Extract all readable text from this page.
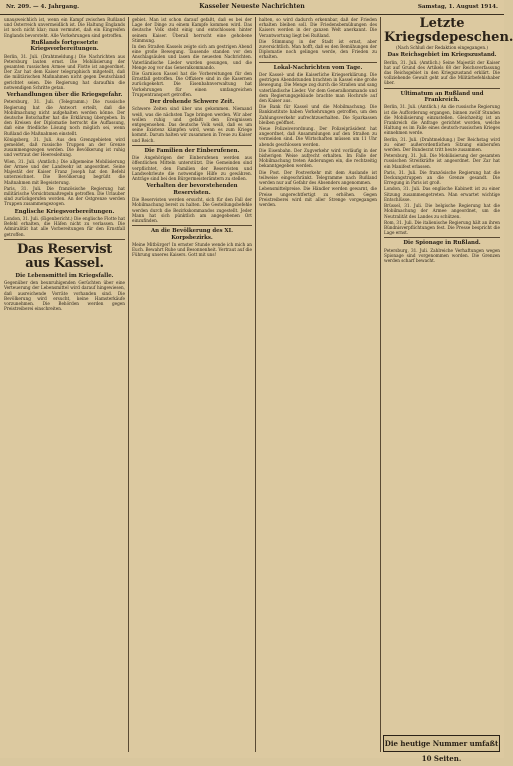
Nr. 209. — 4. Jahrgang.	Kasseler Neueste Nachrichten	Samstag, 1. August 1914.

unausweichlich ist, wenn ein Kampf zwischen Rußland und Österreich unvermeidlich ist. Die Haltung Englands ist noch nicht klar; man vermutet, daß ein Eingreifen Englands bevorsteht. Alle Vorkehrungen sind getroffen.

Rußlands fortgesetzte Kriegsvorbereitungen.

Berlin, 31. Juli. (Drahtmeldung.) Die Nachrichten aus Petersburg lauten ernst. Die Mobilisierung der gesamten russischen Armee und Flotte ist angeordnet. Der Zar hat dem Kaiser telegraphisch mitgeteilt, daß die militärischen Maßnahmen nicht gegen Deutschland gerichtet seien. Die Regierung hat daraufhin die notwendigen Schritte getan.

Verhandlungen über die Kriegsgefahr.

Petersburg, 31. Juli. (Telegramm.) Die russische Regierung hat die Antwort erteilt, daß die Mobilmachung nicht aufgehalten werden könne. Der deutsche Botschafter hat die Erklärung übergeben. In den Kreisen der Diplomatie herrscht die Auffassung, daß eine friedliche Lösung noch möglich sei, wenn Rußland die Maßnahmen einstellt.

Königsberg, 31. Juli. Aus den Grenzgebieten wird gemeldet, daß russische Truppen an der Grenze zusammengezogen werden. Die Bevölkerung ist ruhig und vertraut der Heeresleitung.

Wien, 31. Juli. (Amtlich.) Die allgemeine Mobilisierung der Armee und der Landwehr ist angeordnet. Seine Majestät der Kaiser Franz Joseph hat den Befehl unterzeichnet. Die Bevölkerung begrüßt die Maßnahmen mit Begeisterung.

Paris, 31. Juli. Die französische Regierung hat militärische Vorsichtsmaßregeln getroffen. Die Urlauber sind zurückgerufen worden. An der Ostgrenze werden Truppen zusammengezogen.

Englische Kriegsvorbereitungen.

London, 31. Juli. (Eigenbericht.) Die englische Flotte hat Befehl erhalten, die Häfen nicht zu verlassen. Die Admiralität hat alle Vorbereitungen für den Ernstfall getroffen.

Das Reservist aus Kassel.
Die Lebensmittel im Kriegsfalle.

Gegenüber den beunruhigenden Gerüchten über eine Verteuerung der Lebensmittel wird darauf hingewiesen, daß ausreichende Vorräte vorhanden sind. Die Bevölkerung wird ersucht, keine Hamsterkäufe vorzunehmen. Die Behörden werden gegen Preistreiberei einschreiten.

gebiet. Man ist schon darauf gefaßt, daß es bei der Lage der Dinge zu einem Kampfe kommen wird. Das deutsche Volk steht einig und entschlossen hinter seinem Kaiser. Überall herrscht eine gehobene Stimmung.

In den Straßen Kassels zeigte sich am gestrigen Abend eine große Bewegung. Tausende standen vor den Anschlagsäulen und lasen die neuesten Nachrichten. Vaterländische Lieder wurden gesungen, und die Menge zog vor das Generalkommando.

Die Garnison Kassel hat die Vorbereitungen für den Ernstfall getroffen. Die Offiziere sind in die Kasernen zurückgekehrt. Die Eisenbahnverwaltung hat Vorkehrungen für einen umfangreichen Truppentransport getroffen.

Der drohende Schwere Zeit.

Schwere Zeiten sind über uns gekommen. Niemand weiß, was die nächsten Tage bringen werden. Wir aber wollen ruhig und gefaßt den Ereignissen entgegensehen. Das deutsche Volk weiß, daß es um seine Existenz kämpfen wird, wenn es zum Kriege kommt. Darum halten wir zusammen in Treue zu Kaiser und Reich.

Die Familien der Einberufenen.

Die Angehörigen der Einberufenen werden aus öffentlichen Mitteln unterstützt. Die Gemeinden sind verpflichtet, den Familien der Reservisten und Landwehrleute die notwendige Hilfe zu gewähren. Anträge sind bei den Bürgermeisterämtern zu stellen.

Verhalten der bevorstehenden Reservisten.

Die Reservisten werden ersucht, sich für den Fall der Mobilmachung bereit zu halten. Die Gestellungsbefehle werden durch die Bezirkskommandos zugestellt. Jeder Mann hat sich pünktlich am angegebenen Ort einzufinden.

An die Bevölkerung des XI. Korpsbezirks.

Meine Mitbürger! In ernster Stunde wende ich mich an Euch. Bewahrt Ruhe und Besonnenheit. Vertraut auf die Führung unseres Kaisers. Gott mit uns!

halten, so wird dadurch erkennbar, daß der Frieden erhalten bleiben soll. Die Friedensbemühungen des Kaisers werden in der ganzen Welt anerkannt. Die Verantwortung liegt bei Rußland.

Die Stimmung in der Stadt ist ernst, aber zuversichtlich. Man hofft, daß es den Bemühungen der Diplomatie noch gelingen werde, den Frieden zu erhalten.

Lokal-Nachrichten vom Tage.

Der Kassel- und die Kaiserliche Kriegserklärung. Die gestrigen Abendstunden brachten in Kassel eine große Bewegung. Die Menge zog durch die Straßen und sang vaterländische Lieder. Vor dem Generalkommando und dem Regierungsgebäude brachte man Hochrufe auf den Kaiser aus.

Die Bank für Kassel und die Mobilmachung. Die Bankinstitute haben Vorkehrungen getroffen, um den Zahlungsverkehr aufrechtzuerhalten. Die Sparkassen bleiben geöffnet.

Neue Polizeiverordnung. Der Polizeipräsident hat angeordnet, daß Ansammlungen auf den Straßen zu vermeiden sind. Die Wirtschaften müssen um 11 Uhr abends geschlossen werden.

Die Eisenbahn. Der Zugverkehr wird vorläufig in der bisherigen Weise aufrecht erhalten. Im Falle der Mobilmachung treten Änderungen ein, die rechtzeitig bekanntgegeben werden.

Die Post. Der Postverkehr mit dem Auslande ist teilweise eingeschränkt. Telegramme nach Rußland werden nur auf Gefahr des Absenders angenommen.

Lebensmittelpreise. Die Händler werden gewarnt, die Preise ungerechtfertigt zu erhöhen. Gegen Preistreiberei wird mit aller Strenge vorgegangen werden.

Letzte Kriegsdepeschen.
(Nach Schluß der Redaktion eingegangen.)
Das Reichsgebiet im Kriegszustand.

Berlin, 31. Juli. (Amtlich.) Seine Majestät der Kaiser hat auf Grund des Artikels 68 der Reichsverfassung das Reichsgebiet in den Kriegszustand erklärt. Die vollziehende Gewalt geht auf die Militärbefehlshaber über.

Ultimatum an Rußland und Frankreich.

Berlin, 31. Juli. (Amtlich.) An die russische Regierung ist die Aufforderung ergangen, binnen zwölf Stunden die Mobilisierung einzustellen. Gleichzeitig ist an Frankreich die Anfrage gerichtet worden, welche Haltung es im Falle eines deutsch-russischen Krieges einnehmen werde.

Berlin, 31. Juli. (Drahtmeldung.) Der Reichstag wird zu einer außerordentlichen Sitzung einberufen werden. Der Bundesrat tritt heute zusammen.

Petersburg, 31. Juli. Die Mobilisierung der gesamten russischen Streitkräfte ist angeordnet. Der Zar hat ein Manifest erlassen.

Paris, 31. Juli. Die französische Regierung hat die Deckungstruppen an die Grenze gesandt. Die Erregung in Paris ist groß.

London, 31. Juli. Das englische Kabinett ist zu einer Sitzung zusammengetreten. Man erwartet wichtige Entschlüsse.

Brüssel, 31. Juli. Die belgische Regierung hat die Mobilmachung der Armee angeordnet, um die Neutralität des Landes zu schützen.

Rom, 31. Juli. Die italienische Regierung hält an ihren Bündnisverpflichtungen fest. Die Presse bespricht die Lage ernst.

Die Spionage in Rußland.

Petersburg, 31. Juli. Zahlreiche Verhaftungen wegen Spionage sind vorgenommen worden. Die Grenzen werden scharf bewacht.

Die heutige Nummer umfaßt 10 Seiten.
